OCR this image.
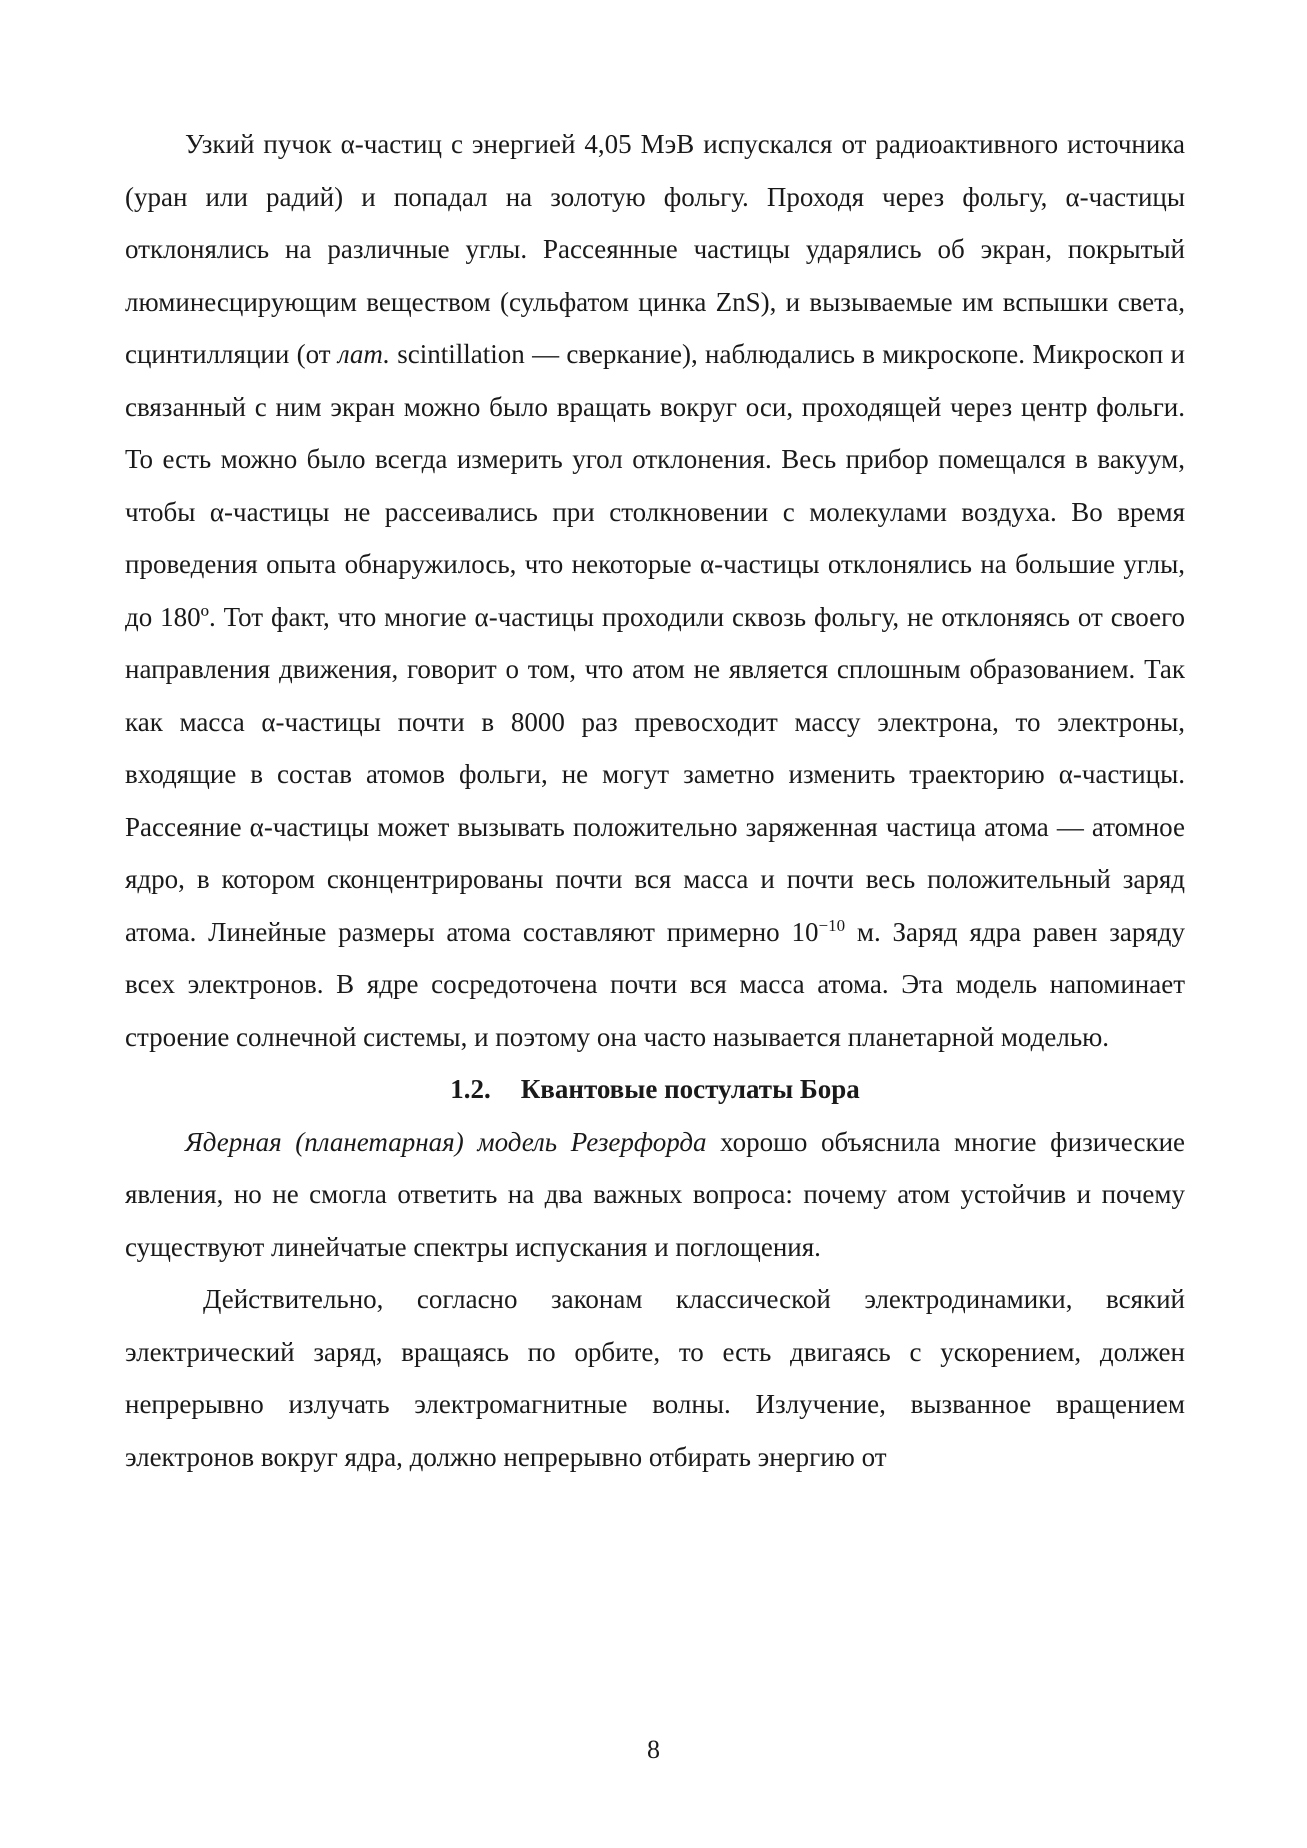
Узкий пучок α-частиц с энергией 4,05 МэВ испускался от радиоактивного источника (уран или радий) и попадал на золотую фольгу. Проходя через фольгу, α-частицы отклонялись на различные углы. Рассеянные частицы ударялись об экран, покрытый люминесцирующим веществом (сульфатом цинка ZnS), и вызываемые им вспышки света, сцинтилляции (от лат. scintillation — сверкание), наблюдались в микроскопе. Микроскоп и связанный с ним экран можно было вращать вокруг оси, проходящей через центр фольги. То есть можно было всегда измерить угол отклонения. Весь прибор помещался в вакуум, чтобы α-частицы не рассеивались при столкновении с молекулами воздуха. Во время проведения опыта обнаружилось, что некоторые α-частицы отклонялись на большие углы, до 180º. Тот факт, что многие α-частицы проходили сквозь фольгу, не отклоняясь от своего направления движения, говорит о том, что атом не является сплошным образованием. Так как масса α-частицы почти в 8000 раз превосходит массу электрона, то электроны, входящие в состав атомов фольги, не могут заметно изменить траекторию α-частицы. Рассеяние α-частицы может вызывать положительно заряженная частица атома — атомное ядро, в котором сконцентрированы почти вся масса и почти весь положительный заряд атома. Линейные размеры атома составляют примерно $10^{-10}$ м. Заряд ядра равен заряду всех электронов. В ядре сосредоточена почти вся масса атома. Эта модель напоминает строение солнечной системы, и поэтому она часто называется планетарной моделью.

1.2. Квантовые постулаты Бора

Ядерная (планетарная) модель Резерфорда хорошо объяснила многие физические явления, но не смогла ответить на два важных вопроса: почему атом устойчив и почему существуют линейчатые спектры испускания и поглощения.

Действительно, согласно законам классической электродинамики, всякий электрический заряд, вращаясь по орбите, то есть двигаясь с ускорением, должен непрерывно излучать электромагнитные волны. Излучение, вызванное вращением электронов вокруг ядра, должно непрерывно отбирать энергию от

8
